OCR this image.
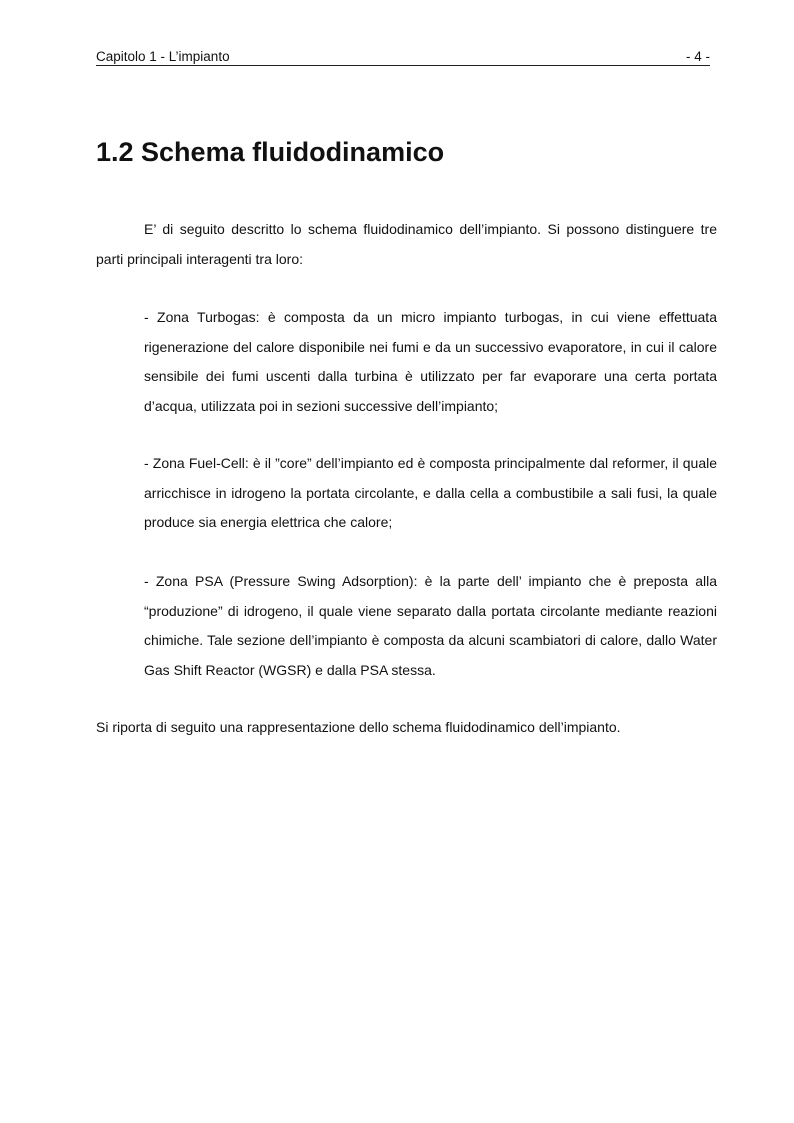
Capitolo 1 - L’impianto	- 4 -
1.2 Schema fluidodinamico

E’ di seguito descritto lo schema fluidodinamico dell’impianto. Si possono distinguere tre parti principali interagenti tra loro:

- Zona Turbogas: è composta da un micro impianto turbogas, in cui viene effettuata rigenerazione del calore disponibile nei fumi e da un successivo evaporatore, in cui il calore sensibile dei fumi uscenti dalla turbina è utilizzato per far evaporare una certa portata d’acqua, utilizzata poi in sezioni successive dell’impianto;

- Zona Fuel-Cell: è il ”core” dell’impianto ed è composta principalmente dal reformer, il quale arricchisce in idrogeno la portata circolante, e dalla cella a combustibile a sali fusi, la quale produce sia energia elettrica che calore;

- Zona PSA (Pressure Swing Adsorption): è la parte dell’ impianto che è preposta alla “produzione” di idrogeno, il quale viene separato dalla portata circolante mediante reazioni chimiche. Tale sezione dell’impianto è composta da alcuni scambiatori di calore, dallo Water Gas Shift Reactor (WGSR) e dalla PSA stessa.

Si riporta di seguito una rappresentazione dello schema fluidodinamico dell’impianto.
